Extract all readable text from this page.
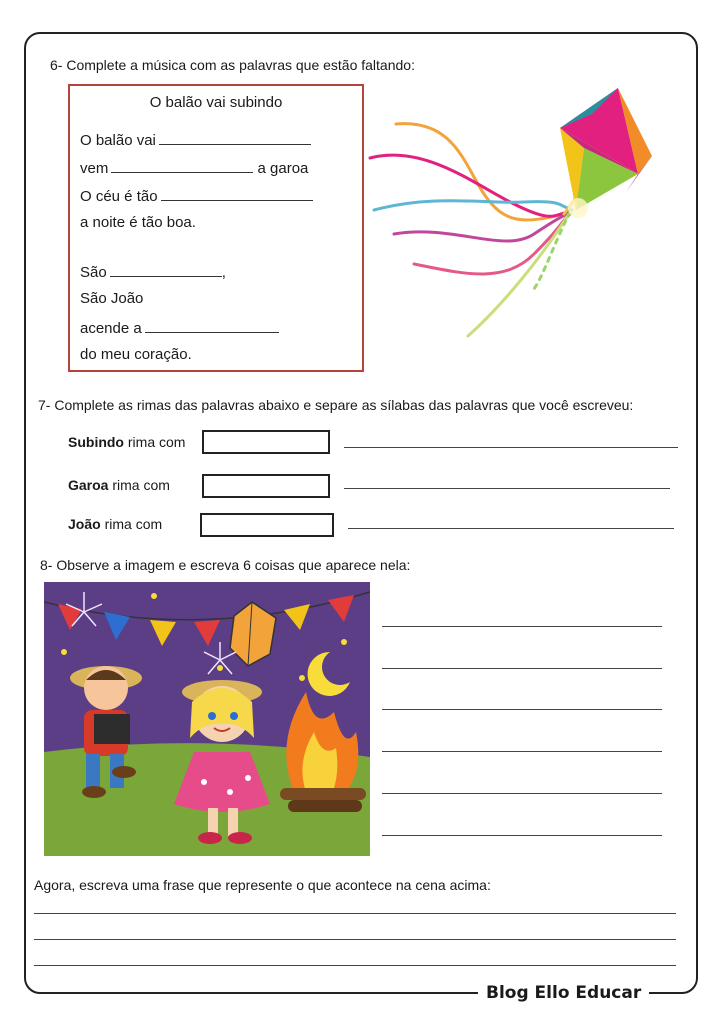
Blog Ello Educar
6- Complete a música com as palavras que estão faltando:
O balão vai subindo
O balão vai
vem	a garoa
O céu é tão
a noite é tão boa.
São	,
São João
acende a
do meu coração.
7- Complete as rimas das palavras abaixo e separe as sílabas das palavras que você escreveu:
Subindo rima com
Garoa rima com
João rima com
8- Observe a imagem e escreva 6 coisas que aparece nela:
Agora, escreva uma frase que represente o que acontece na cena acima:
